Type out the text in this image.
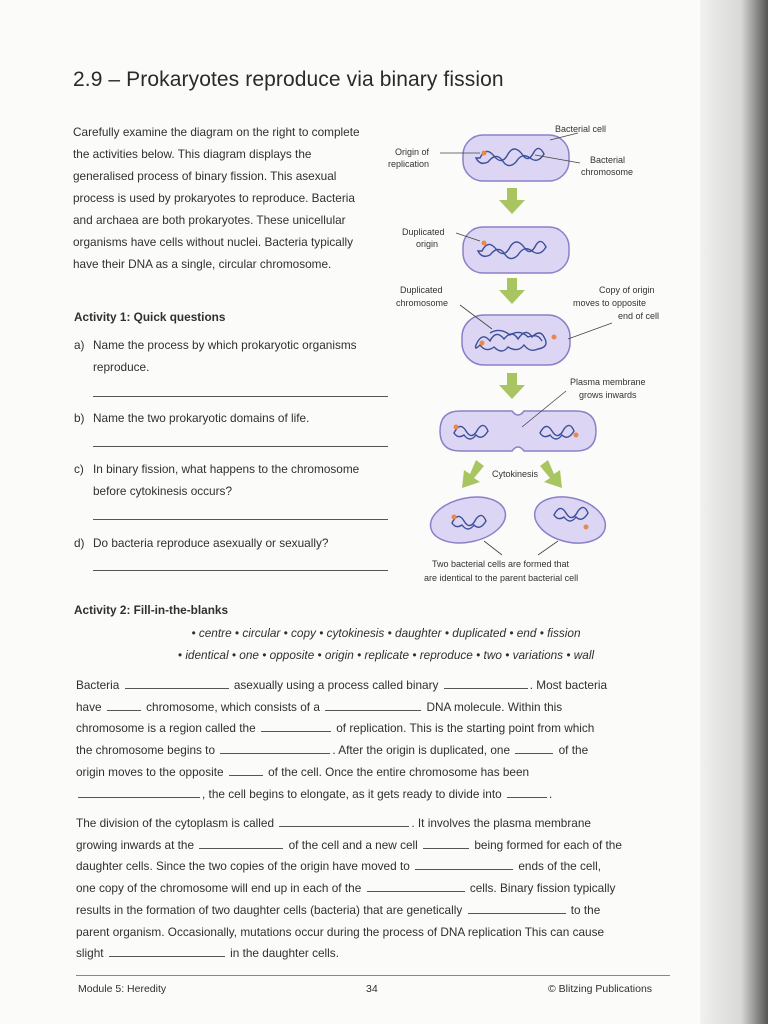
2.9 – Prokaryotes reproduce via binary fission
Carefully examine the diagram on the right to complete the activities below. This diagram displays the generalised process of binary fission. This asexual process is used by prokaryotes to reproduce. Bacteria and archaea are both prokaryotes. These unicellular organisms have cells without nuclei. Bacteria typically have their DNA as a single, circular chromosome.
Activity 1: Quick questions
a) Name the process by which prokaryotic organisms reproduce.
b) Name the two prokaryotic domains of life.
c) In binary fission, what happens to the chromosome before cytokinesis occurs?
d) Do bacteria reproduce asexually or sexually?
Bacterial cell
Origin of
replication	Bacterial
chromosome
Duplicated
origin
Duplicated
chromosome
Copy of origin
moves to opposite
end of cell
Plasma membrane
grows inwards
Cytokinesis
Two bacterial cells are formed that
are identical to the parent bacterial cell
Activity 2: Fill-in-the-blanks
• centre • circular • copy • cytokinesis • daughter • duplicated • end • fission
• identical • one • opposite • origin • replicate • reproduce • two • variations • wall
Bacteria	asexually using a process called binary	. Most bacteria
have	chromosome, which consists of a	DNA molecule. Within this
chromosome is a region called the	of replication. This is the starting point from which
the chromosome begins to	. After the origin is duplicated, one	of the
origin moves to the opposite	of the cell. Once the entire chromosome has been
, the cell begins to elongate, as it gets ready to divide into	.
The division of the cytoplasm is called	. It involves the plasma membrane
growing inwards at the	of the cell and a new cell	being formed for each of the
daughter cells. Since the two copies of the origin have moved to	ends of the cell,
one copy of the chromosome will end up in each of the	cells. Binary fission typically
results in the formation of two daughter cells (bacteria) that are genetically	to the
parent organism. Occasionally, mutations occur during the process of DNA replication This can cause
slight	in the daughter cells.
Module 5: Heredity	34	© Blitzing Publications
